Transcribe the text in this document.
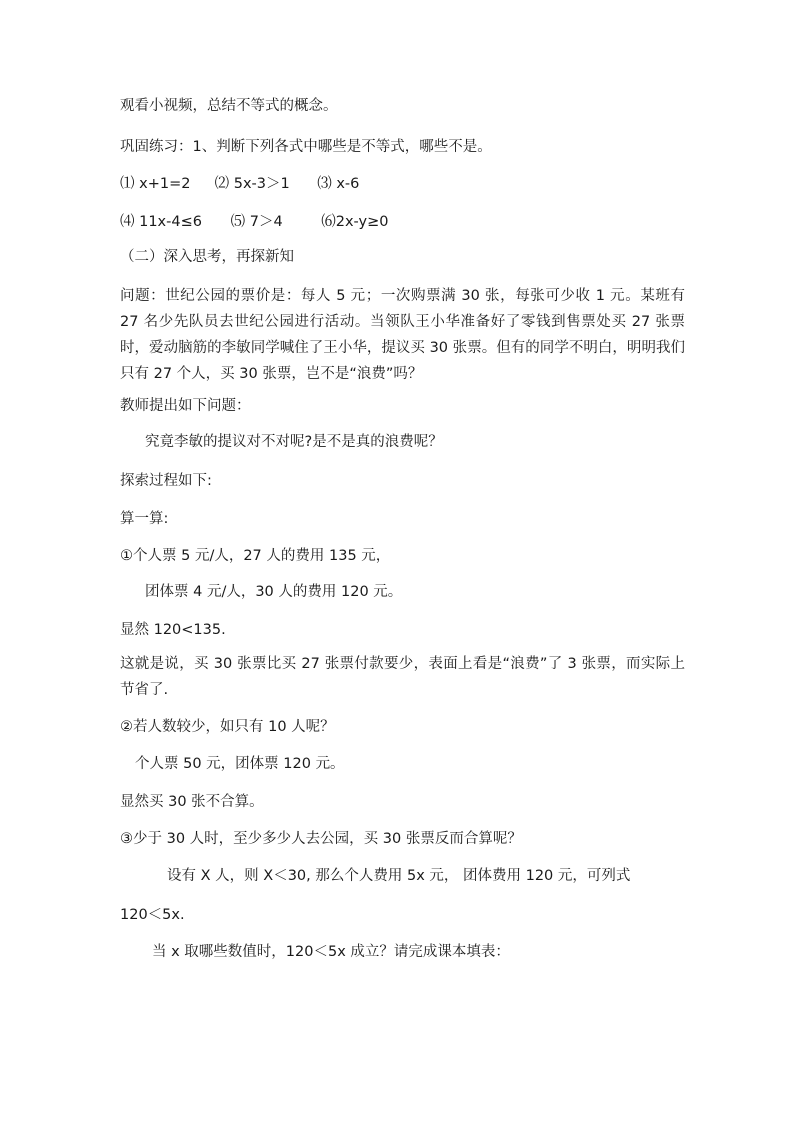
观看小视频，总结不等式的概念。
巩固练习：1、判断下列各式中哪些是不等式，哪些不是。
⑴ x+1=2 ⑵ 5x-3＞1 ⑶ x-6
⑷ 11x-4≤6 ⑸ 7＞4	⑹2x-y≥0
（二）深入思考，再探新知
问题：世纪公园的票价是：每人 5 元；一次购票满 30 张，每张可少收 1 元。某班有 27 名少先队员去世纪公园进行活动。当领队王小华准备好了零钱到售票处买 27 张票时，爱动脑筋的李敏同学喊住了王小华，提议买 30 张票。但有的同学不明白，明明我们只有 27 个人，买 30 张票，岂不是“浪费”吗？
教师提出如下问题：
究竟李敏的提议对不对呢?是不是真的浪费呢？
探索过程如下:
算一算:
①个人票 5 元/人，27 人的费用 135 元，
团体票 4 元/人，30 人的费用 120 元。
显然 120<135.
这就是说，买 30 张票比买 27 张票付款要少，表面上看是“浪费”了 3 张票，而实际上节省了.
②若人数较少，如只有 10 人呢？
个人票 50 元，团体票 120 元。
显然买 30 张不合算。
③少于 30 人时，至少多少人去公园，买 30 张票反而合算呢？
设有 X 人，则 X＜30, 那么个人费用 5x 元， 团体费用 120 元，可列式
120＜5x.
当 x 取哪些数值时，120＜5x 成立？请完成课本填表：
